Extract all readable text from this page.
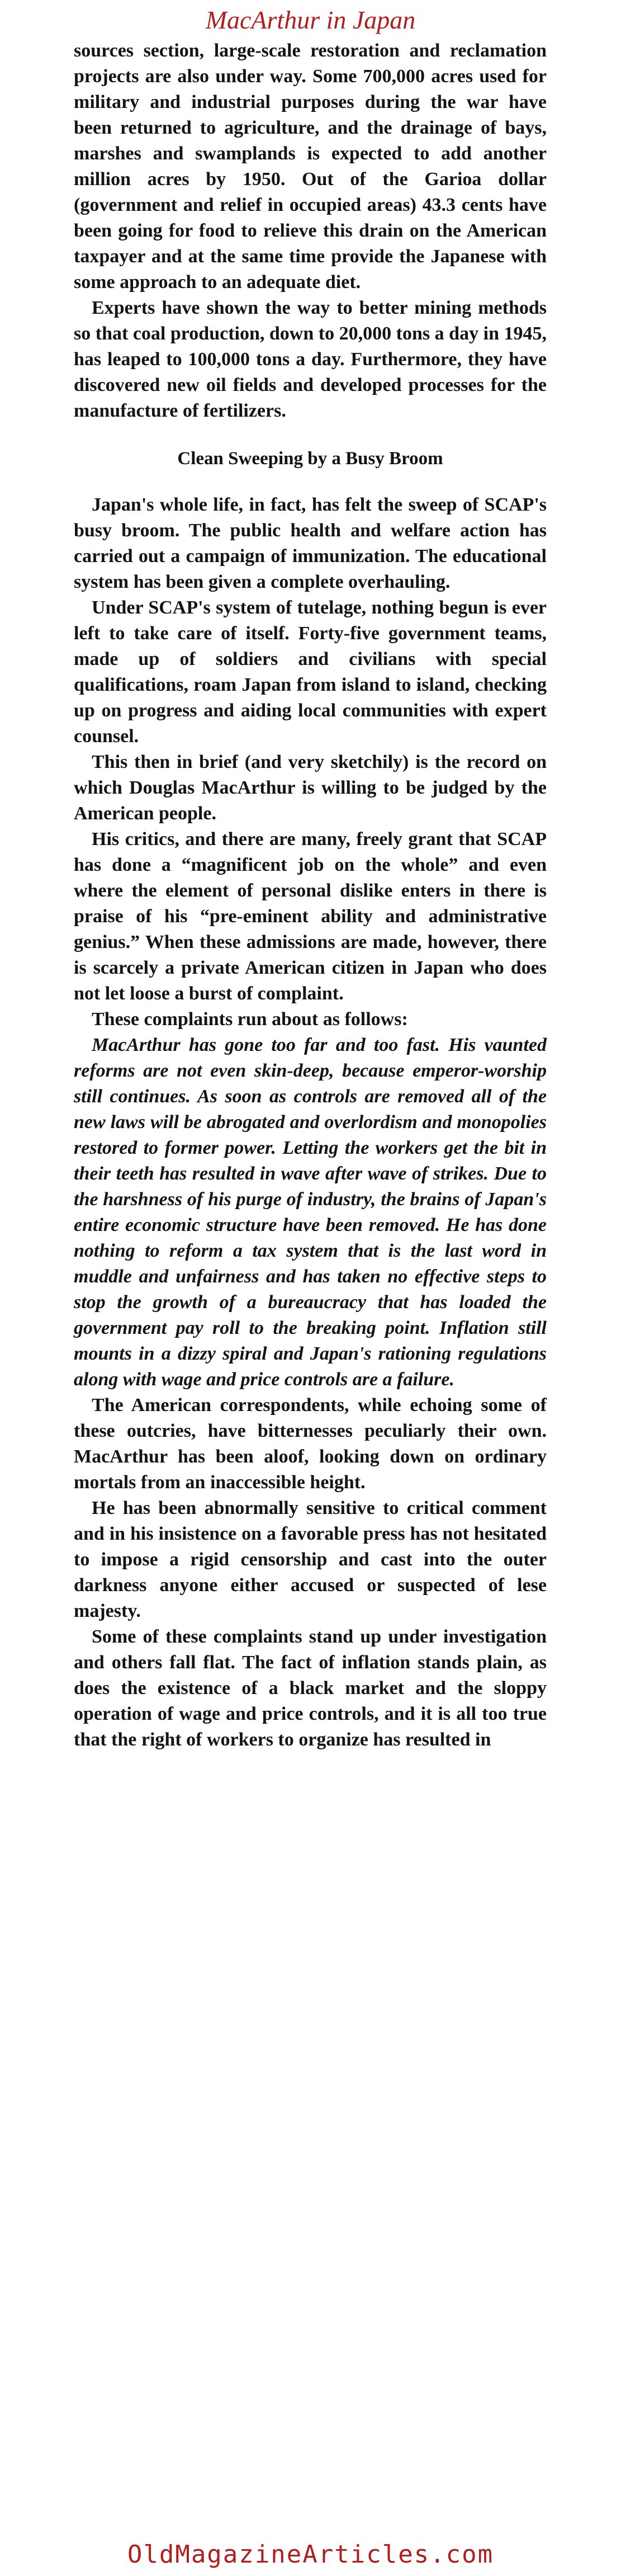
MacArthur in Japan

sources section, large-scale restoration and reclamation projects are also under way. Some 700,000 acres used for military and industrial purposes during the war have been returned to agriculture, and the drainage of bays, marshes and swamplands is expected to add another million acres by 1950. Out of the Garioa dollar (government and relief in occupied areas) 43.3 cents have been going for food to relieve this drain on the American taxpayer and at the same time provide the Japanese with some approach to an adequate diet.

Experts have shown the way to better mining methods so that coal production, down to 20,000 tons a day in 1945, has leaped to 100,000 tons a day. Furthermore, they have discovered new oil fields and developed processes for the manufacture of fertilizers.

Clean Sweeping by a Busy Broom

Japan's whole life, in fact, has felt the sweep of SCAP's busy broom. The public health and welfare action has carried out a campaign of immunization. The educational system has been given a complete overhauling.

Under SCAP's system of tutelage, nothing begun is ever left to take care of itself. Forty-five government teams, made up of soldiers and civilians with special qualifications, roam Japan from island to island, checking up on progress and aiding local communities with expert counsel.

This then in brief (and very sketchily) is the record on which Douglas MacArthur is willing to be judged by the American people.

His critics, and there are many, freely grant that SCAP has done a “magnificent job on the whole” and even where the element of personal dislike enters in there is praise of his “pre-eminent ability and administrative genius.” When these admissions are made, however, there is scarcely a private American citizen in Japan who does not let loose a burst of complaint.

These complaints run about as follows:

MacArthur has gone too far and too fast. His vaunted reforms are not even skin-deep, because emperor-worship still continues. As soon as controls are removed all of the new laws will be abrogated and overlordism and monopolies restored to former power. Letting the workers get the bit in their teeth has resulted in wave after wave of strikes. Due to the harshness of his purge of industry, the brains of Japan's entire economic structure have been removed. He has done nothing to reform a tax system that is the last word in muddle and unfairness and has taken no effective steps to stop the growth of a bureaucracy that has loaded the government pay roll to the breaking point. Inflation still mounts in a dizzy spiral and Japan's rationing regulations along with wage and price controls are a failure.

The American correspondents, while echoing some of these outcries, have bitternesses peculiarly their own. MacArthur has been aloof, looking down on ordinary mortals from an inaccessible height.

He has been abnormally sensitive to critical comment and in his insistence on a favorable press has not hesitated to impose a rigid censorship and cast into the outer darkness anyone either accused or suspected of lese majesty.

Some of these complaints stand up under investigation and others fall flat. The fact of inflation stands plain, as does the existence of a black market and the sloppy operation of wage and price controls, and it is all too true that the right of workers to organize has resulted in

OldMagazineArticles.com
